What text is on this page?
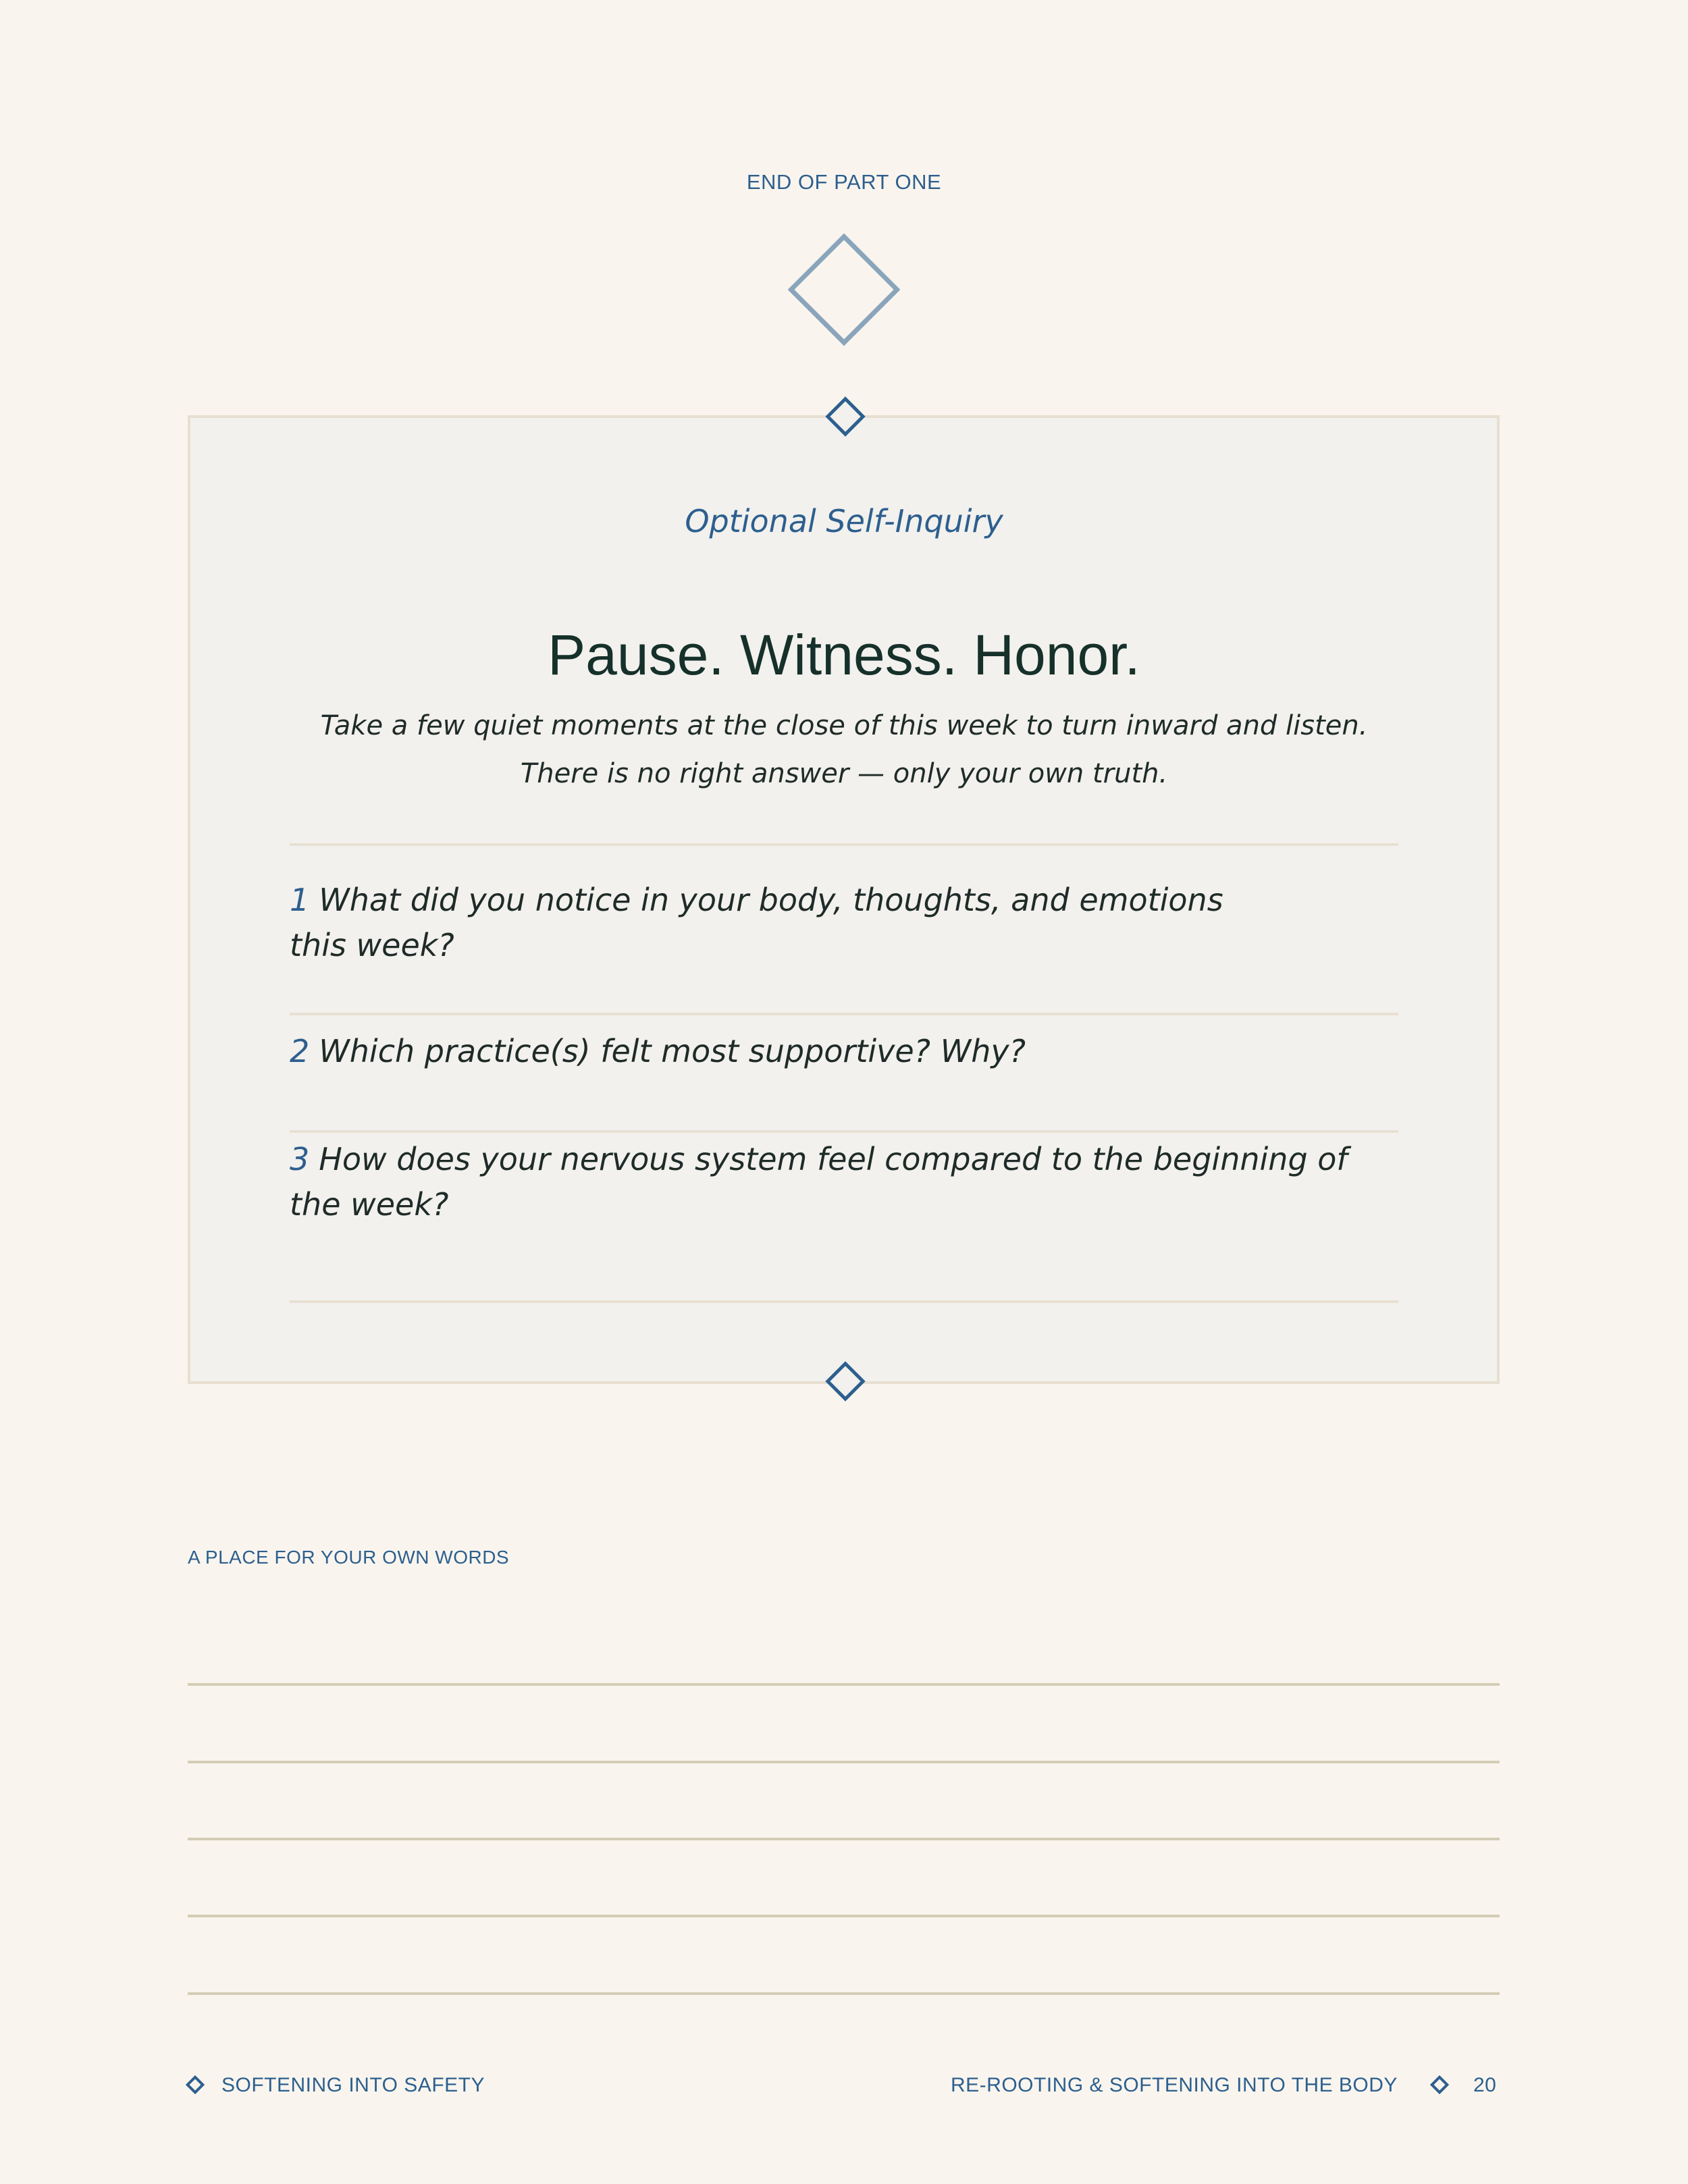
END OF PART ONE
Optional Self-Inquiry
Pause. Witness. Honor.
Take a few quiet moments at the close of this week to turn inward and listen.
There is no right answer — only your own truth.
1 What did you notice in your body, thoughts, and emotions this week?
2 Which practice(s) felt most supportive? Why?
3 How does your nervous system feel compared to the beginning of the week?
A PLACE FOR YOUR OWN WORDS
SOFTENING INTO SAFETY	RE-ROOTING & SOFTENING INTO THE BODY	20
